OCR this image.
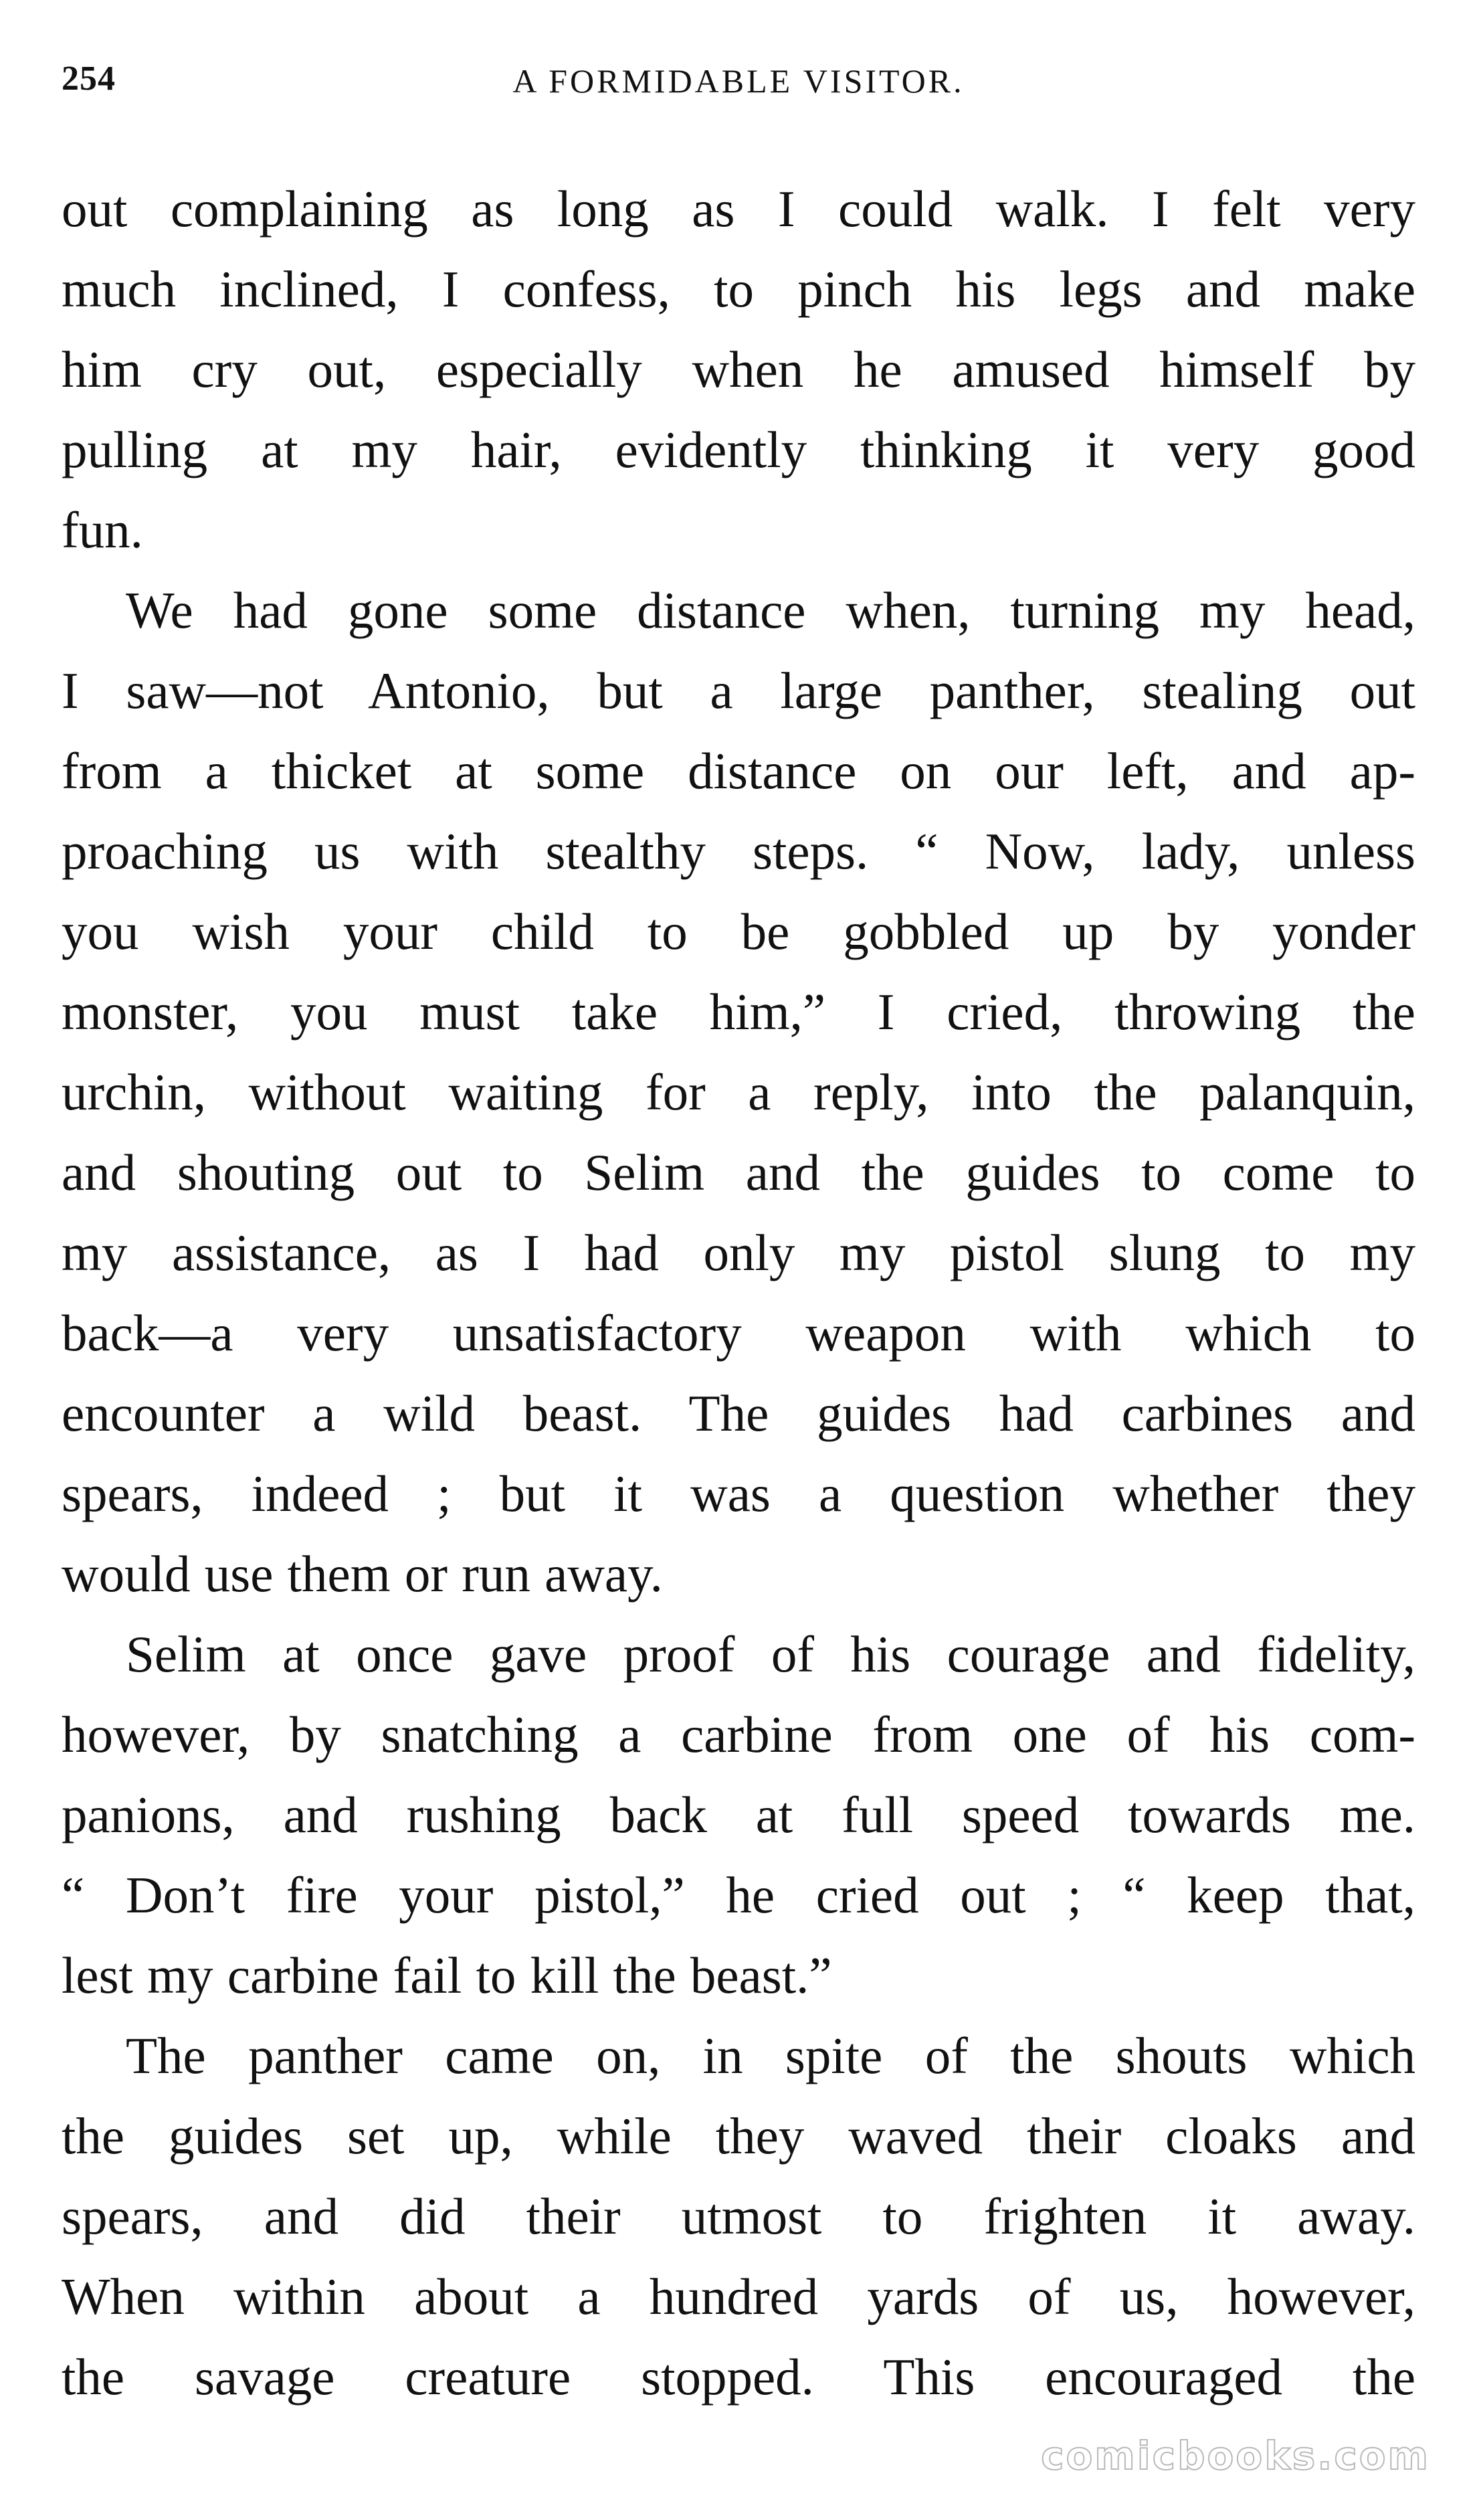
254	A FORMIDABLE VISITOR.

out complaining as long as I could walk. I felt very
much inclined, I confess, to pinch his legs and make
him cry out, especially when he amused himself by
pulling at my hair, evidently thinking it very good
fun.

We had gone some distance when, turning my head,
I saw—not Antonio, but a large panther, stealing out
from a thicket at some distance on our left, and ap-
proaching us with stealthy steps. “ Now, lady, unless
you wish your child to be gobbled up by yonder
monster, you must take him,” I cried, throwing the
urchin, without waiting for a reply, into the palanquin,
and shouting out to Selim and the guides to come to
my assistance, as I had only my pistol slung to my
back—a very unsatisfactory weapon with which to
encounter a wild beast. The guides had carbines and
spears, indeed ; but it was a question whether they
would use them or run away.

Selim at once gave proof of his courage and fidelity,
however, by snatching a carbine from one of his com-
panions, and rushing back at full speed towards me.
“ Don’t fire your pistol,” he cried out ; “ keep that,
lest my carbine fail to kill the beast.”

The panther came on, in spite of the shouts which
the guides set up, while they waved their cloaks and
spears, and did their utmost to frighten it away.
When within about a hundred yards of us, however,
the savage creature stopped. This encouraged the

comicbooks.com
